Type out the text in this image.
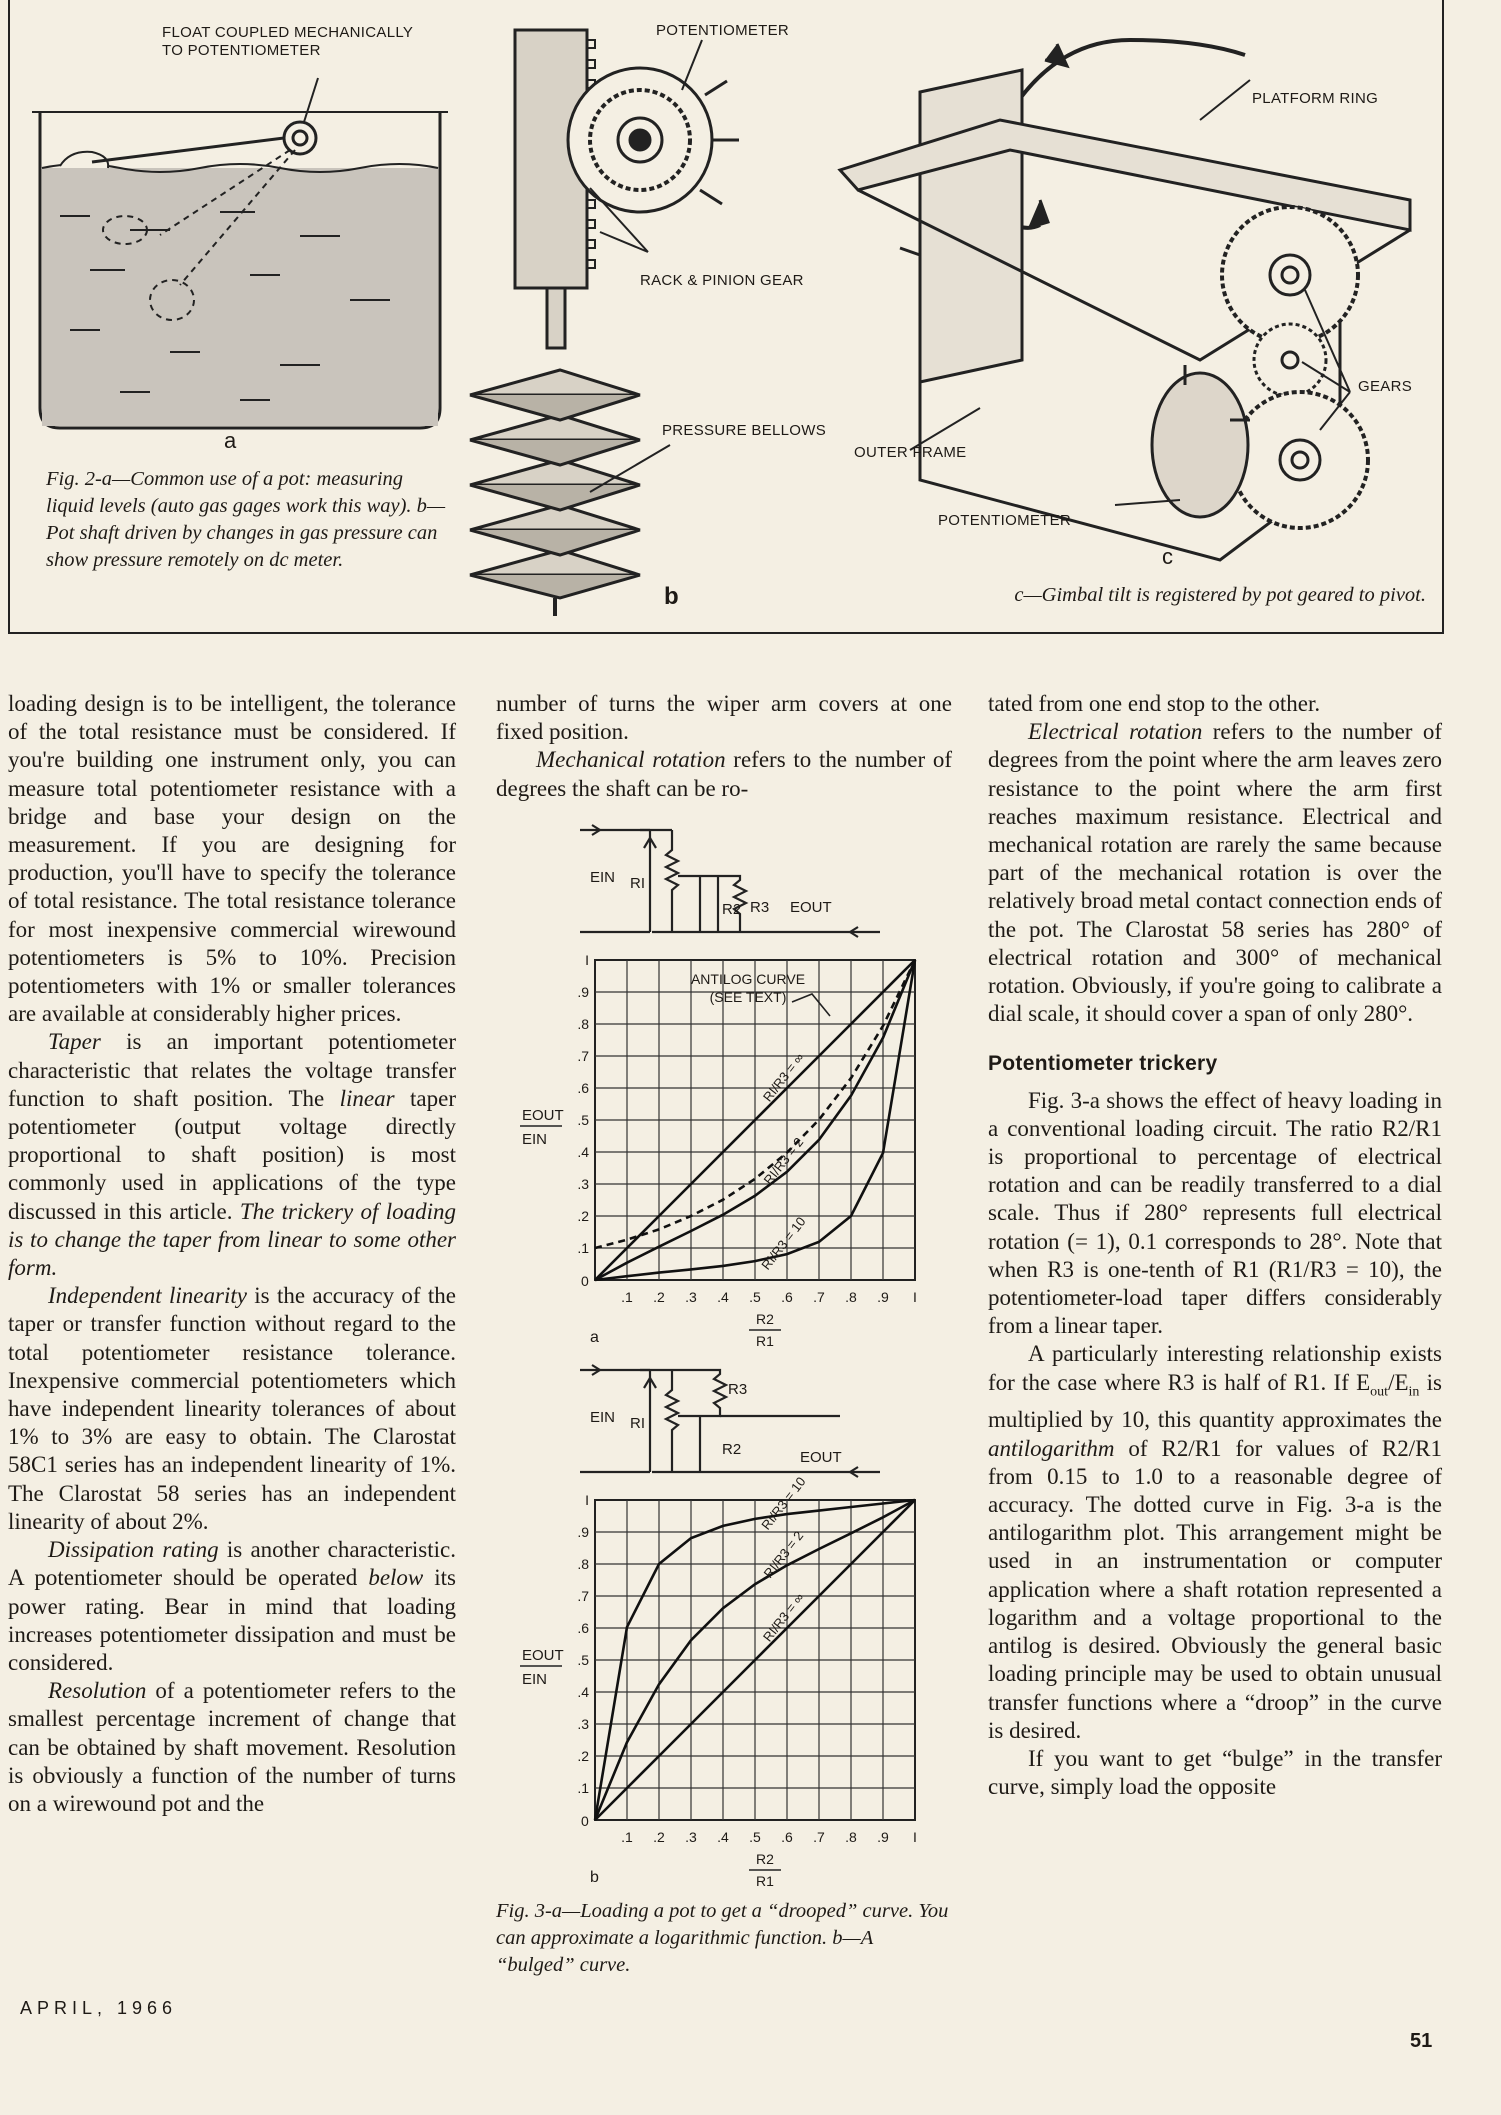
FLOAT COUPLED MECHANICALLY
TO POTENTIOMETER
POTENTIOMETER
RACK & PINION GEAR
PRESSURE BELLOWS
PLATFORM RING
GEARS
OUTER FRAME
POTENTIOMETER
a
b
c
Fig. 2-a—Common use of a pot: measuring liquid levels (auto gas gages work this way). b—Pot shaft driven by changes in gas pressure can show pressure remotely on dc meter.
c—Gimbal tilt is registered by pot geared to pivot.

loading design is to be intelligent, the tolerance of the total resistance must be considered. If you're building one instrument only, you can measure total potentiometer resistance with a bridge and base your design on the measurement. If you are designing for production, you'll have to specify the tolerance of total resistance. The total resistance tolerance for most inexpensive commercial wirewound potentiometers is 5% to 10%. Precision potentiometers with 1% or smaller tolerances are available at considerably higher prices.

Taper is an important potentiometer characteristic that relates the voltage transfer function to shaft position. The linear taper potentiometer (output voltage directly proportional to shaft position) is most commonly used in applications of the type discussed in this article. The trickery of loading is to change the taper from linear to some other form.

Independent linearity is the accuracy of the taper or transfer function without regard to the total potentiometer resistance tolerance. Inexpensive commercial potentiometers which have independent linearity tolerances of about 1% to 3% are easy to obtain. The Clarostat 58C1 series has an independent linearity of 1%. The Clarostat 58 series has an independent linearity of about 2%.

Dissipation rating is another characteristic. A potentiometer should be operated below its power rating. Bear in mind that loading increases potentiometer dissipation and must be considered.

Resolution of a potentiometer refers to the smallest percentage increment of change that can be obtained by shaft movement. Resolution is obviously a function of the number of turns on a wirewound pot and the

number of turns the wiper arm covers at one fixed position.

Mechanical rotation refers to the number of degrees the shaft can be ro-

EIN RI
R2 R3 EOUT
.1 .2 .3 .4 .5 .6 .7 .8 .9 I
.1
.2
.3
.4
.5
.6
.7
.8
.9
I
0
EOUT
EIN
R2
R1
a
RI/R3 = ∞
RI/R3 = 2
RI/R3 = 10
ANTILOG CURVE
(SEE TEXT)
EIN RI
R2
R3
EOUT
.1 .2 .3 .4 .5 .6 .7 .8 .9 I
.1
.2
.3
.4
.5
.6
.7
.8
.9
I
0
EOUT
EIN
R2
R1
b
RI/R3 = ∞
RI/R3 = 2
RI/R3 = 10
Fig. 3-a—Loading a pot to get a “drooped” curve. You can approximate a logarithmic function. b—A “bulged” curve.

tated from one end stop to the other.

Electrical rotation refers to the number of degrees from the point where the arm leaves zero resistance to the point where the arm first reaches maximum resistance. Electrical and mechanical rotation are rarely the same because part of the mechanical rotation is over the relatively broad metal contact connection ends of the pot. The Clarostat 58 series has 280° of electrical rotation and 300° of mechanical rotation. Obviously, if you're going to calibrate a dial scale, it should cover a span of only 280°.

Potentiometer trickery

Fig. 3-a shows the effect of heavy loading in a conventional loading circuit. The ratio R2/R1 is proportional to percentage of electrical rotation and can be readily transferred to a dial scale. Thus if 280° represents full electrical rotation (= 1), 0.1 corresponds to 28°. Note that when R3 is one-tenth of R1 (R1/R3 = 10), the potentiometer-load taper differs considerably from a linear taper.

A particularly interesting relationship exists for the case where R3 is half of R1. If $E_{out}/E_{in}$ is multiplied by 10, this quantity approximates the antilogarithm of R2/R1 for values of R2/R1 from 0.15 to 1.0 to a reasonable degree of accuracy. The dotted curve in Fig. 3-a is the antilogarithm plot. This arrangement might be used in an instrumentation or computer application where a shaft rotation represented a logarithm and a voltage proportional to the antilog is desired. Obviously the general basic loading principle may be used to obtain unusual transfer functions where a “droop” in the curve is desired.

If you want to get “bulge” in the transfer curve, simply load the opposite

APRIL, 1966
51
